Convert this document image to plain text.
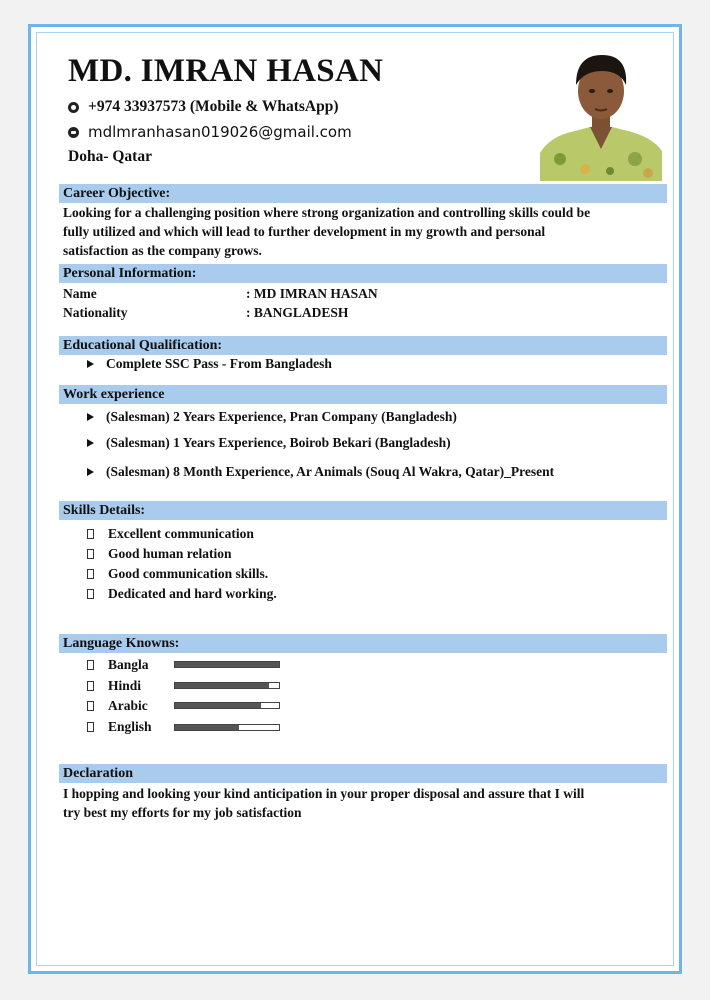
MD. IMRAN HASAN
+974 33937573 (Mobile & WhatsApp)
mdlmranhasan019026@gmail.com
Doha- Qatar
Career Objective:
Looking for a challenging position where strong organization and controlling skills could be
fully utilized and which will lead to further development in my growth and personal
satisfaction as the company grows.
Personal Information:
Name	: MD IMRAN HASAN
Nationality	: BANGLADESH
Educational Qualification:
Complete SSC Pass - From Bangladesh
Work experience
(Salesman) 2 Years Experience, Pran Company (Bangladesh)
(Salesman) 1 Years Experience, Boirob Bekari (Bangladesh)
(Salesman) 8 Month Experience, Ar Animals (Souq Al Wakra, Qatar)_Present
Skills Details:
Excellent communication
Good human relation
Good communication skills.
Dedicated and hard working.
Language Knowns:
Bangla
Hindi
Arabic
English
Declaration
I hopping and looking your kind anticipation in your proper disposal and assure that I will
try best my efforts for my job satisfaction
